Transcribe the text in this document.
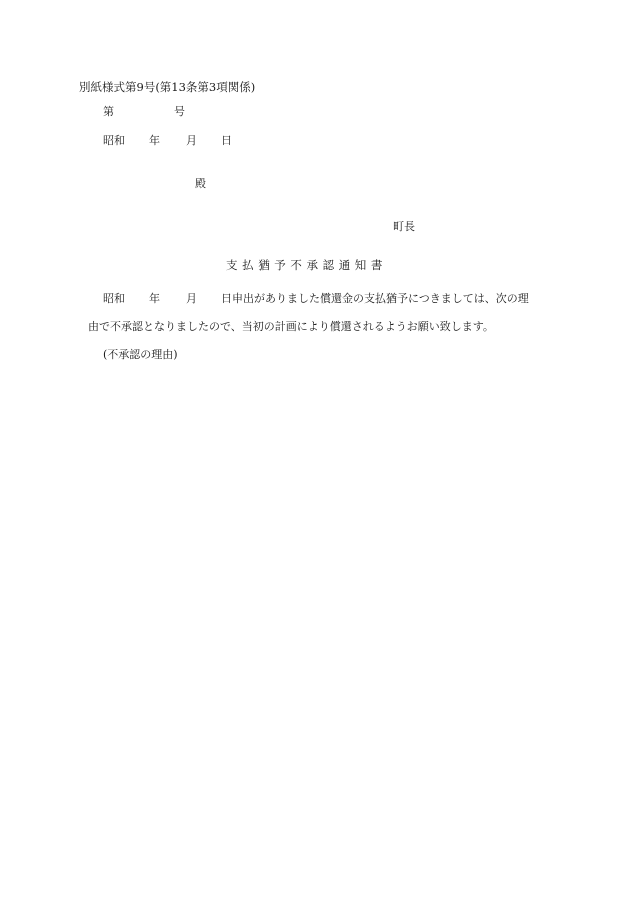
別紙様式第9号(第13条第3項関係)
第	号
昭和 年 月 日
殿
町長
支払猶予不承認通知書
昭和 年 月 日申出がありました償還金の支払猶予につきましては、次の理
由で不承認となりましたので、当初の計画により償還されるようお願い致します。
(不承認の理由)
